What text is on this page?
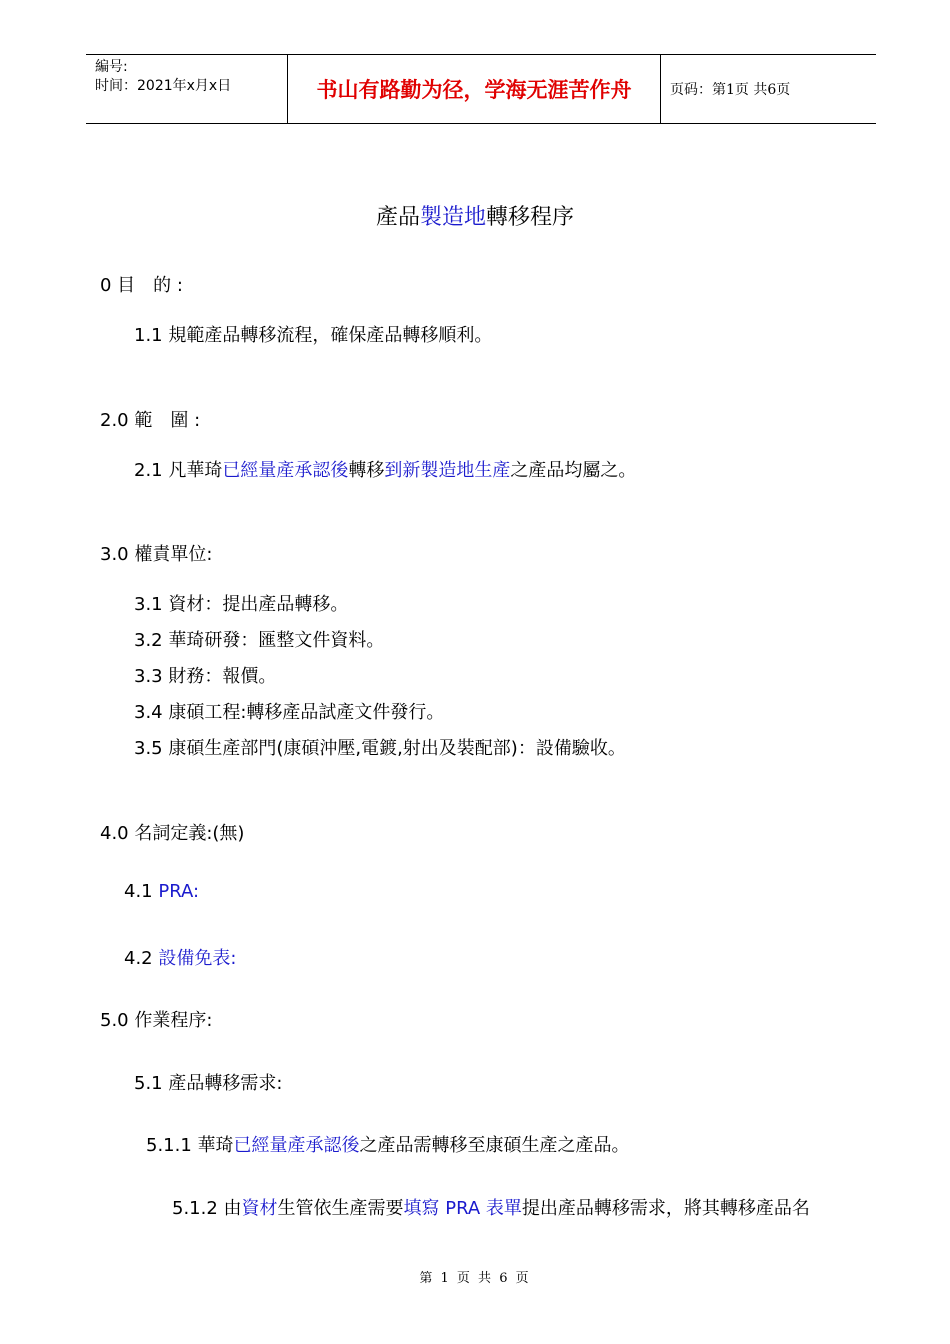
編号:
时间：2021年x月x日	书山有路勤为径，学海无涯苦作舟	页码：第1页 共6页
產品製造地轉移程序
0 目　的 :
1.1 規範產品轉移流程，確保產品轉移順利。
2.0 範　圍 :
2.1 凡華琦已經量產承認後轉移到新製造地生產之產品均屬之。
3.0 權責單位:
3.1 資材：提出產品轉移。
3.2 華琦研發：匯整文件資料。
3.3 財務：報價。
3.4 康碩工程:轉移產品試產文件發行。
3.5 康碩生產部門(康碩沖壓,電鍍,射出及裝配部)：設備驗收。
4.0 名詞定義:(無)
4.1 PRA:
4.2 設備免表:
5.0 作業程序:
5.1 產品轉移需求:
5.1.1 華琦已經量產承認後之產品需轉移至康碩生產之產品。
5.1.2 由資材生管依生產需要填寫 PRA 表單提出產品轉移需求，將其轉移產品名
第 1 页 共 6 页
